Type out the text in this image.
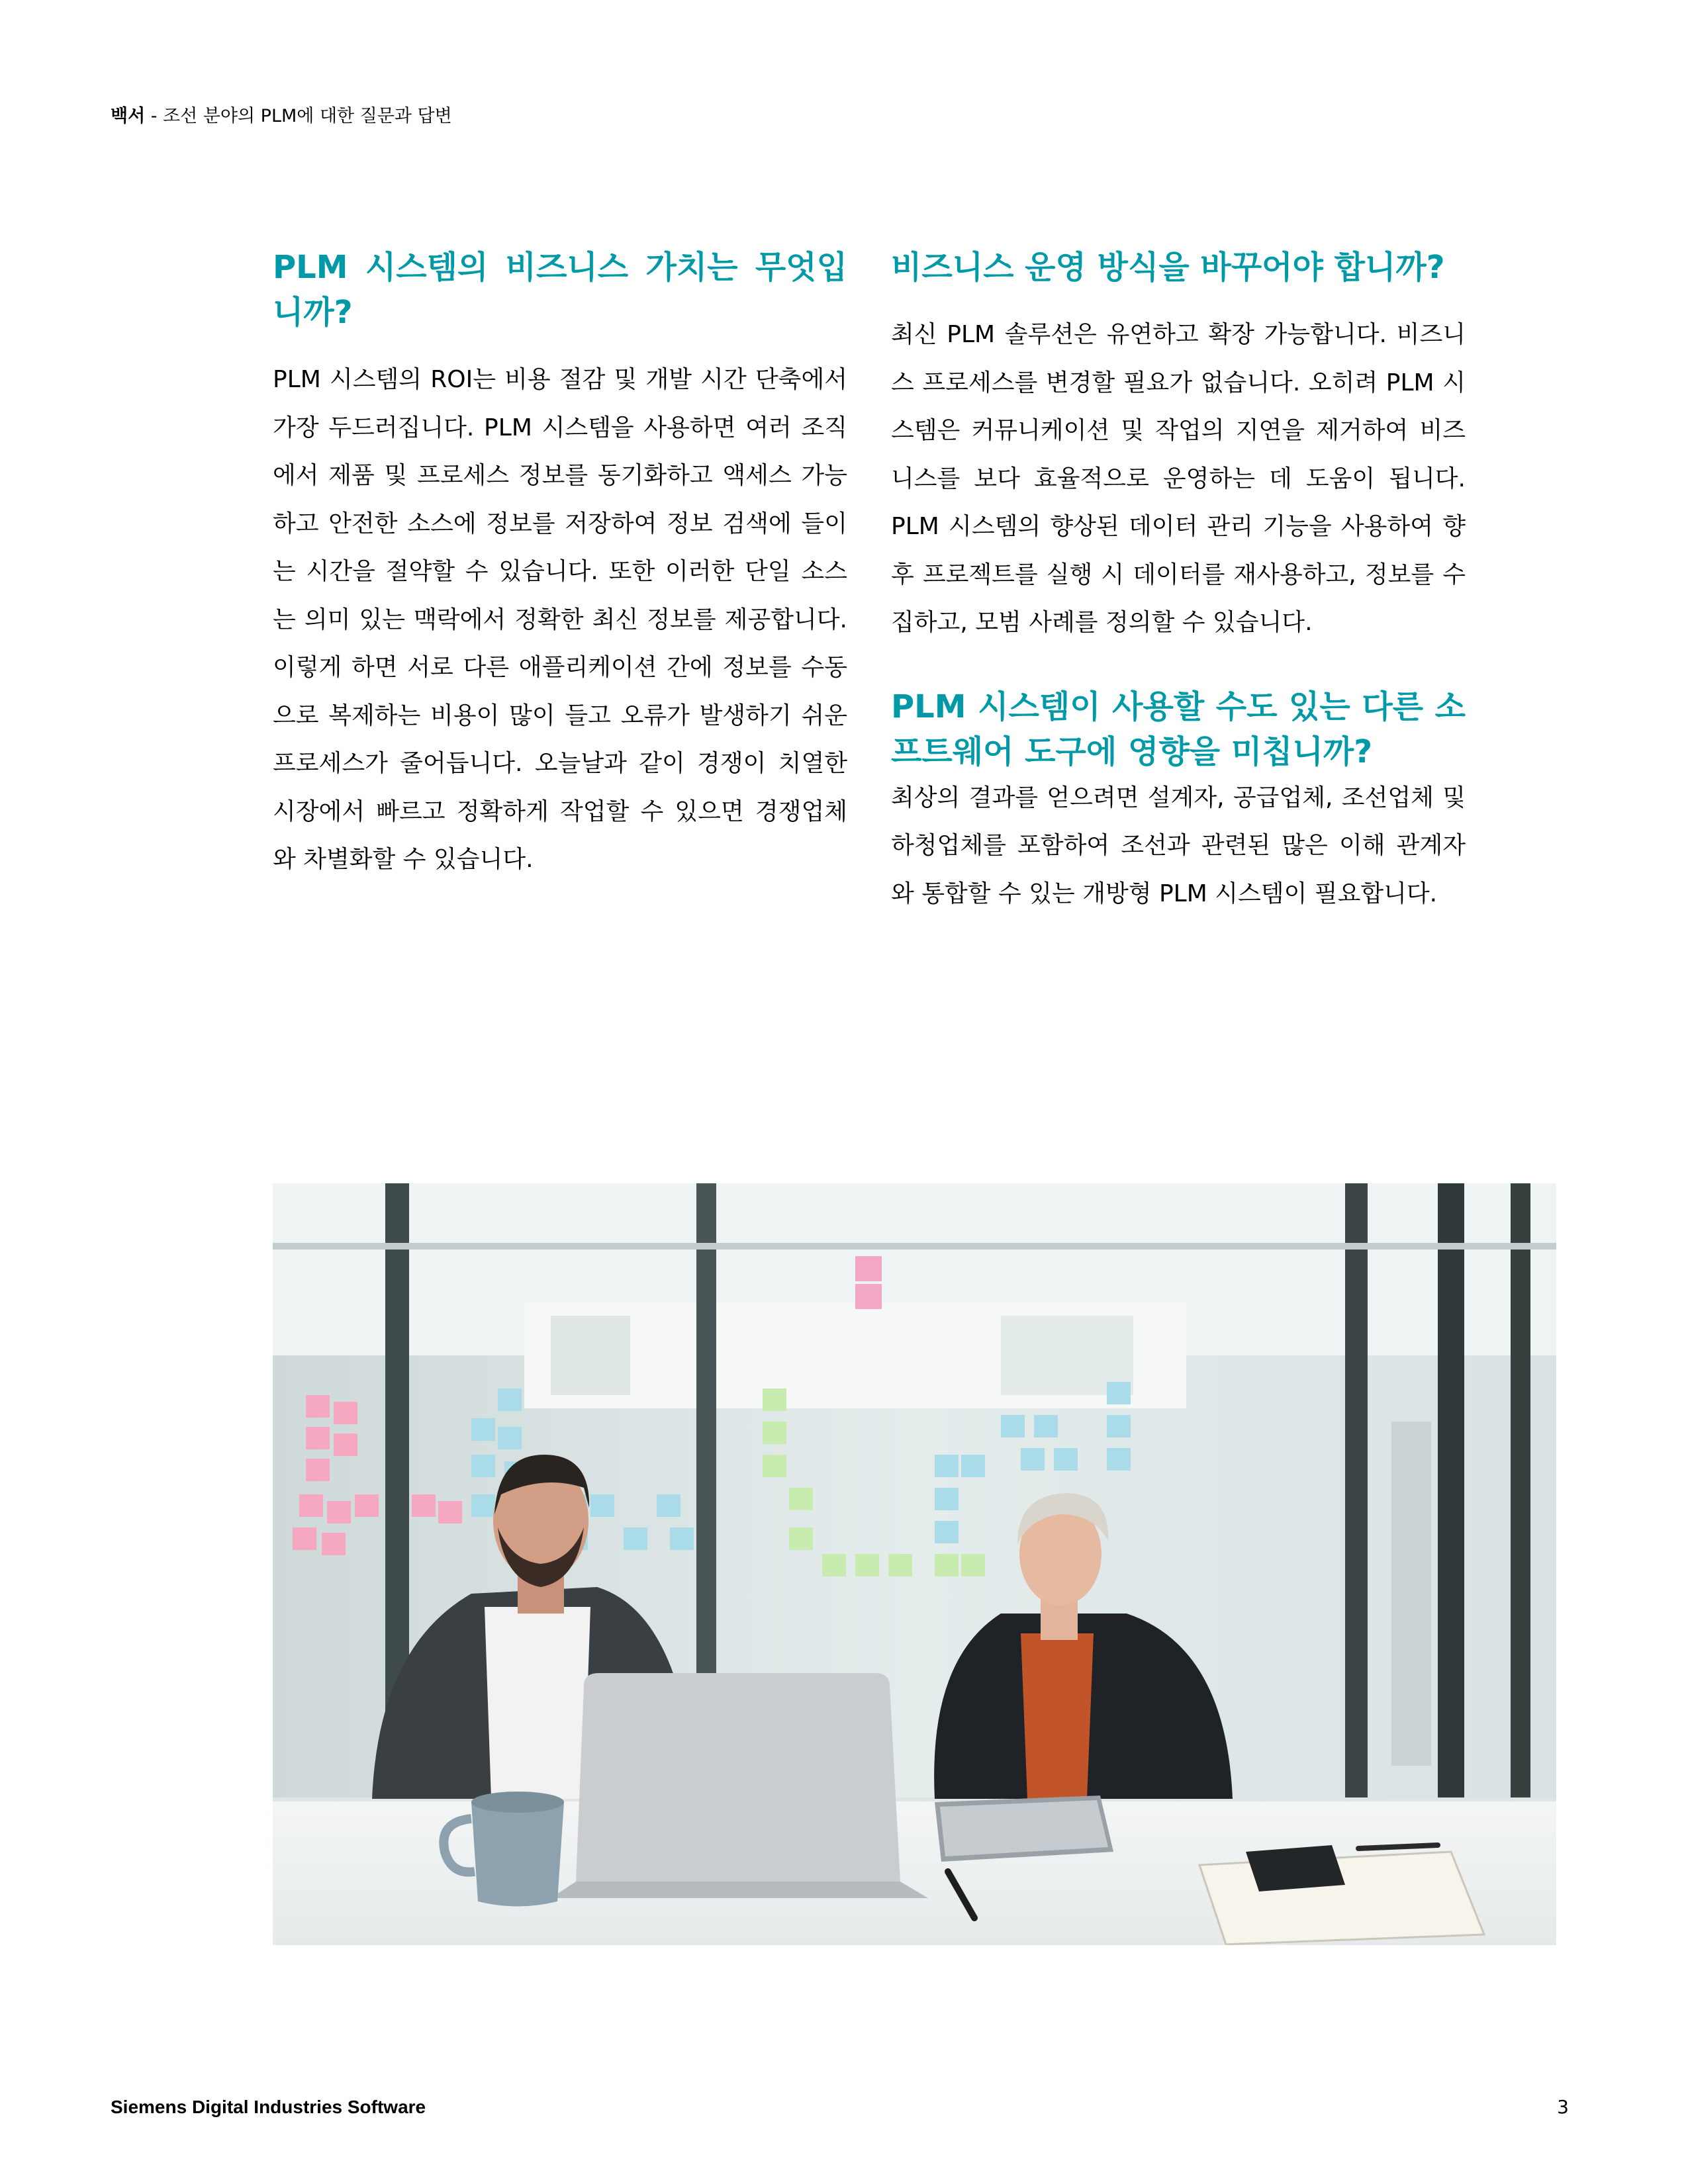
백서 - 조선 분야의 PLM에 대한 질문과 답변
PLM 시스템의 비즈니스 가치는 무엇입니까?

PLM 시스템의 ROI는 비용 절감 및 개발 시간 단축에서 가장 두드러집니다. PLM 시스템을 사용하면 여러 조직에서 제품 및 프로세스 정보를 동기화하고 액세스 가능하고 안전한 소스에 정보를 저장하여 정보 검색에 들이는 시간을 절약할 수 있습니다. 또한 이러한 단일 소스는 의미 있는 맥락에서 정확한 최신 정보를 제공합니다. 이렇게 하면 서로 다른 애플리케이션 간에 정보를 수동으로 복제하는 비용이 많이 들고 오류가 발생하기 쉬운 프로세스가 줄어듭니다. 오늘날과 같이 경쟁이 치열한 시장에서 빠르고 정확하게 작업할 수 있으면 경쟁업체와 차별화할 수 있습니다.

비즈니스 운영 방식을 바꾸어야 합니까?

최신 PLM 솔루션은 유연하고 확장 가능합니다. 비즈니스 프로세스를 변경할 필요가 없습니다. 오히려 PLM 시스템은 커뮤니케이션 및 작업의 지연을 제거하여 비즈니스를 보다 효율적으로 운영하는 데 도움이 됩니다. PLM 시스템의 향상된 데이터 관리 기능을 사용하여 향후 프로젝트를 실행 시 데이터를 재사용하고, 정보를 수집하고, 모범 사례를 정의할 수 있습니다.

PLM 시스템이 사용할 수도 있는 다른 소프트웨어 도구에 영향을 미칩니까?

최상의 결과를 얻으려면 설계자, 공급업체, 조선업체 및 하청업체를 포함하여 조선과 관련된 많은 이해 관계자와 통합할 수 있는 개방형 PLM 시스템이 필요합니다.

Siemens Digital Industries Software	3
